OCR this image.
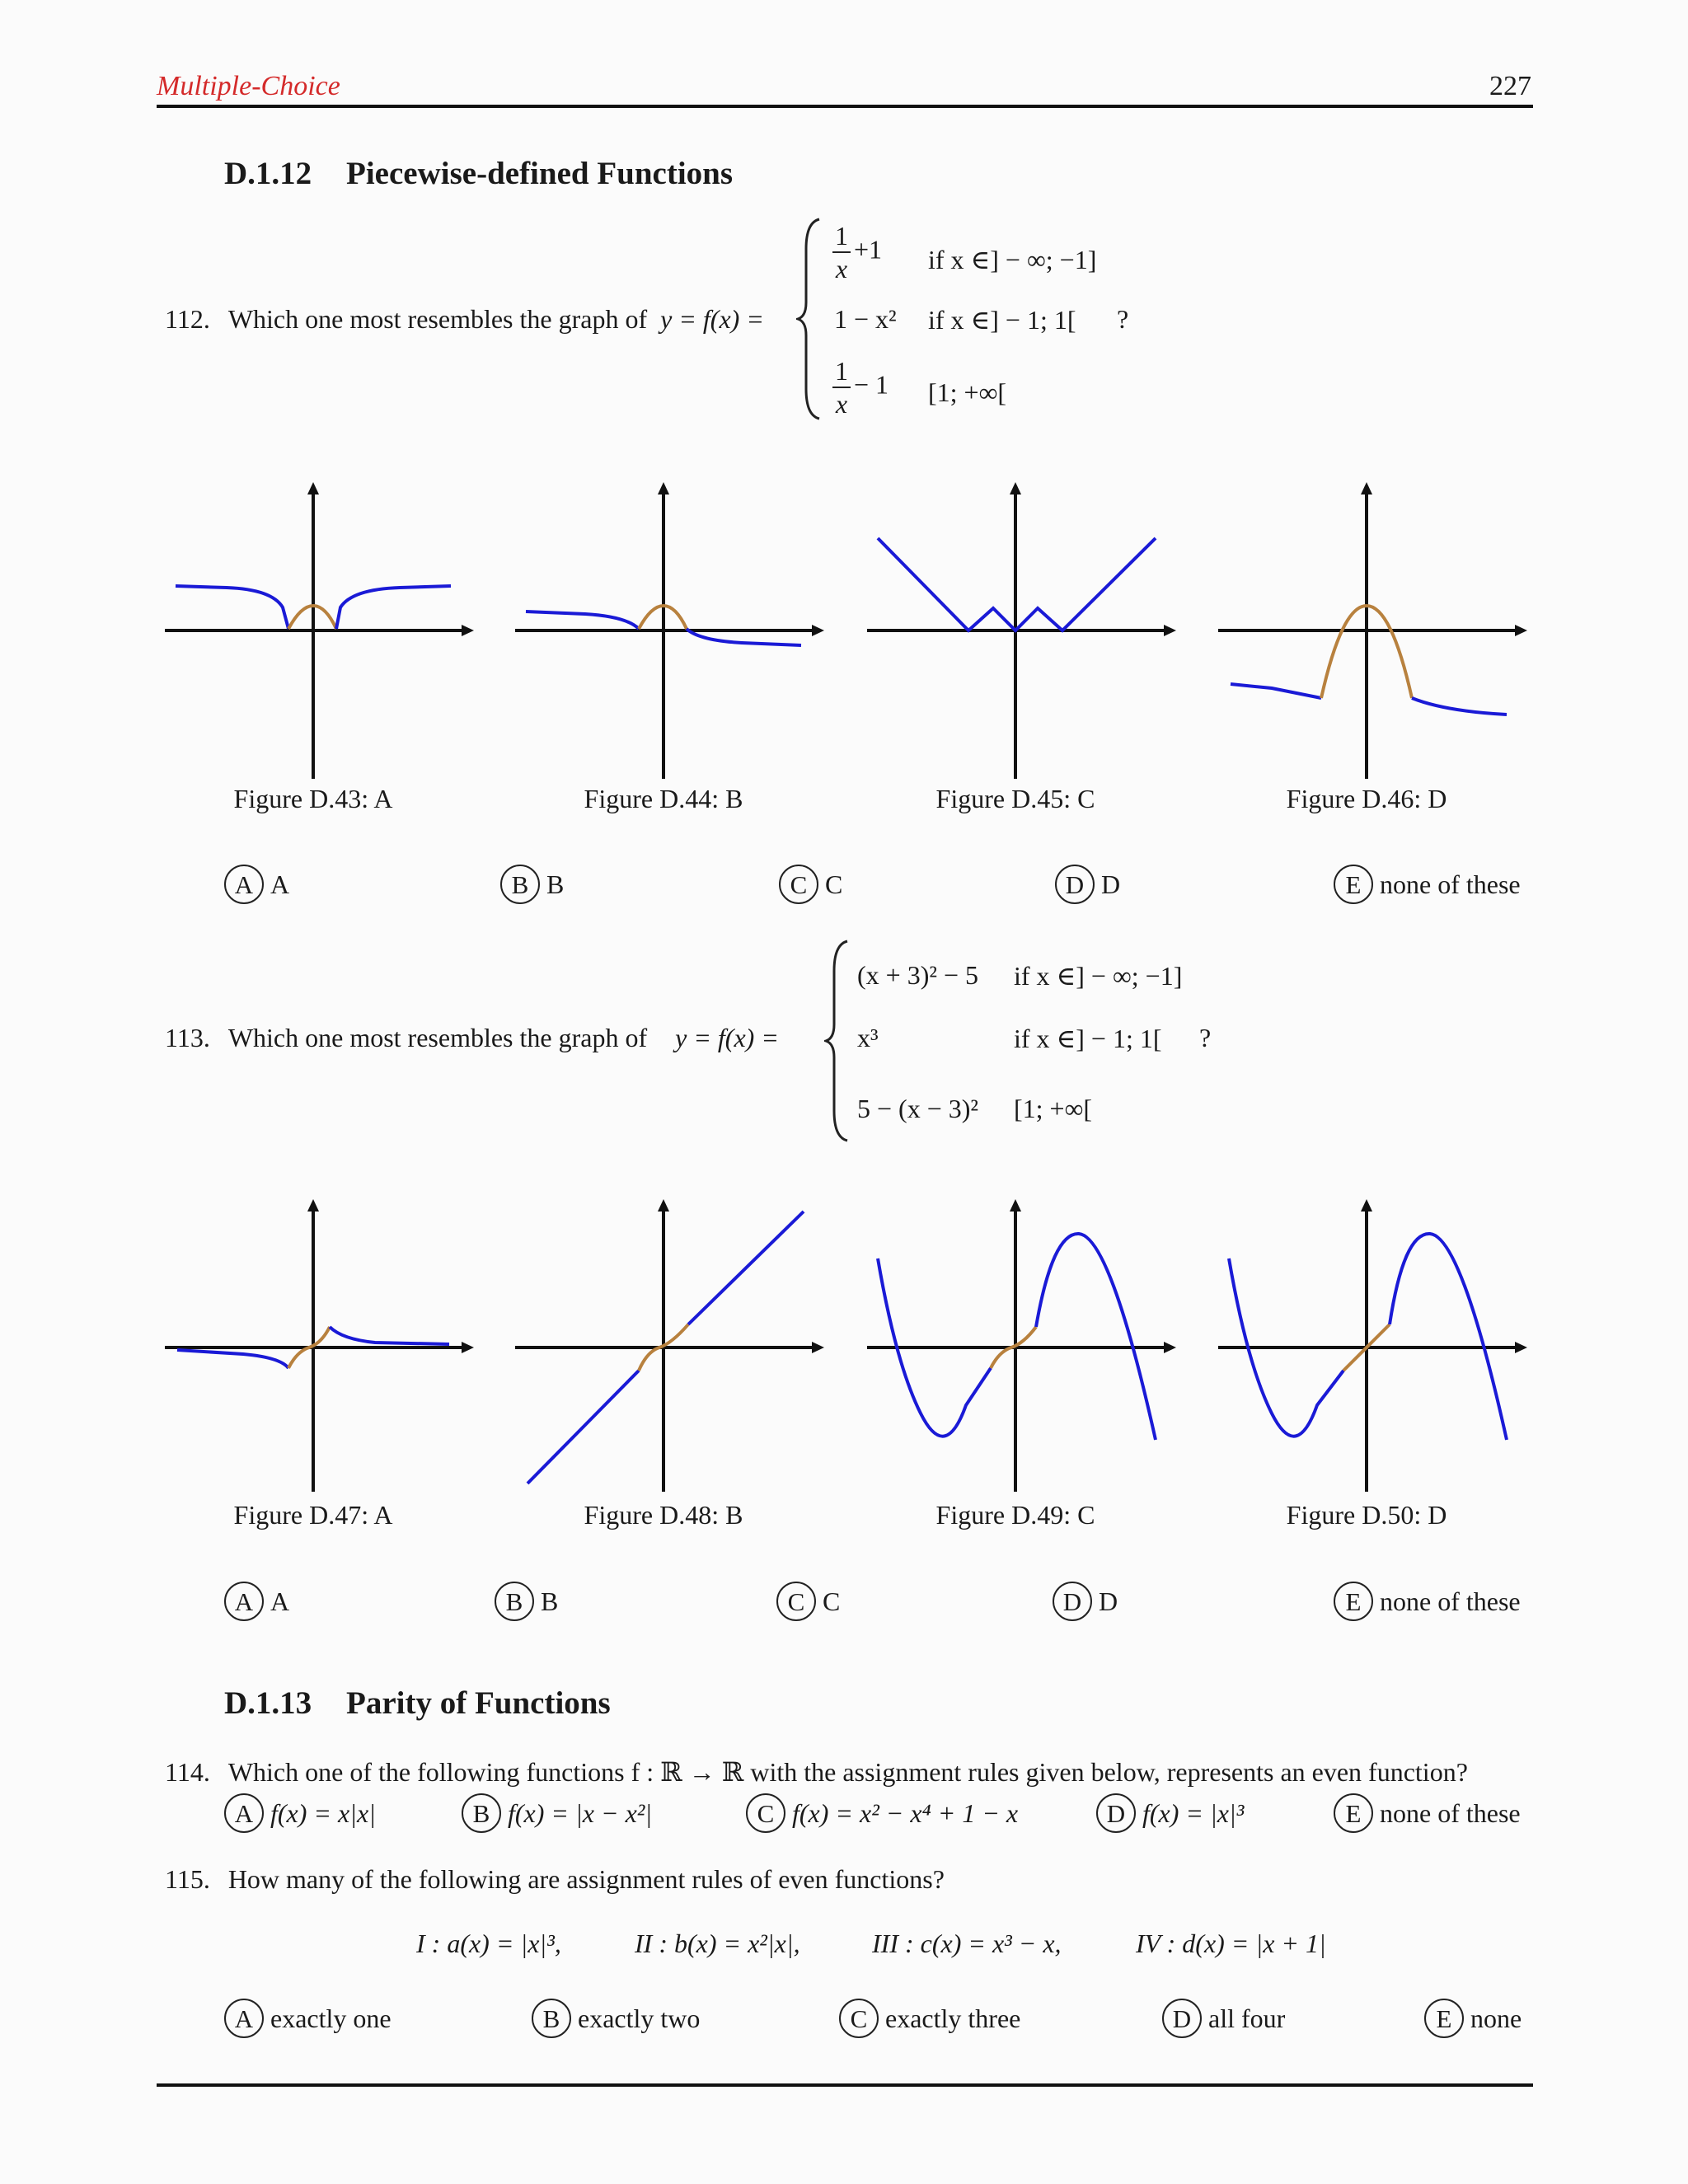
Multiple-Choice	227
D.1.12 Piecewise-defined Functions
112. Which one most resembles the graph of y = f(x) =
$\frac{1}{x} +1$ if x ∈] − ∞; −1]
1 − x² if x ∈] − 1; 1[
$\frac{1}{x} - 1$ [1; +∞[
?
Figure D.43: A	Figure D.44: B	Figure D.45: C	Figure D.46: D
A A	B B	C C	D D	E none of these
113. Which one most resembles the graph of y = f(x) =
(x + 3)² − 5 if x ∈] − ∞; −1]
x³	if x ∈] − 1; 1[
5 − (x − 3)² [1; +∞[
?
Figure D.47: A	Figure D.48: B	Figure D.49: C	Figure D.50: D
A A	B B	C C	D D	E none of these
D.1.13 Parity of Functions
114. Which one of the following functions f : ℝ → ℝ with the assignment rules given below, represents an even function?
A f(x) = x|x|	B f(x) = |x − x²|	C f(x) = x² − x⁴ + 1 − x	D f(x) = |x|³	E none of these
115. How many of the following are assignment rules of even functions?
I : a(x) = |x|³,	II : b(x) = x²|x|,	III : c(x) = x³ − x,	IV : d(x) = |x + 1|
A exactly one	B exactly two	C exactly three	D all four	E none
